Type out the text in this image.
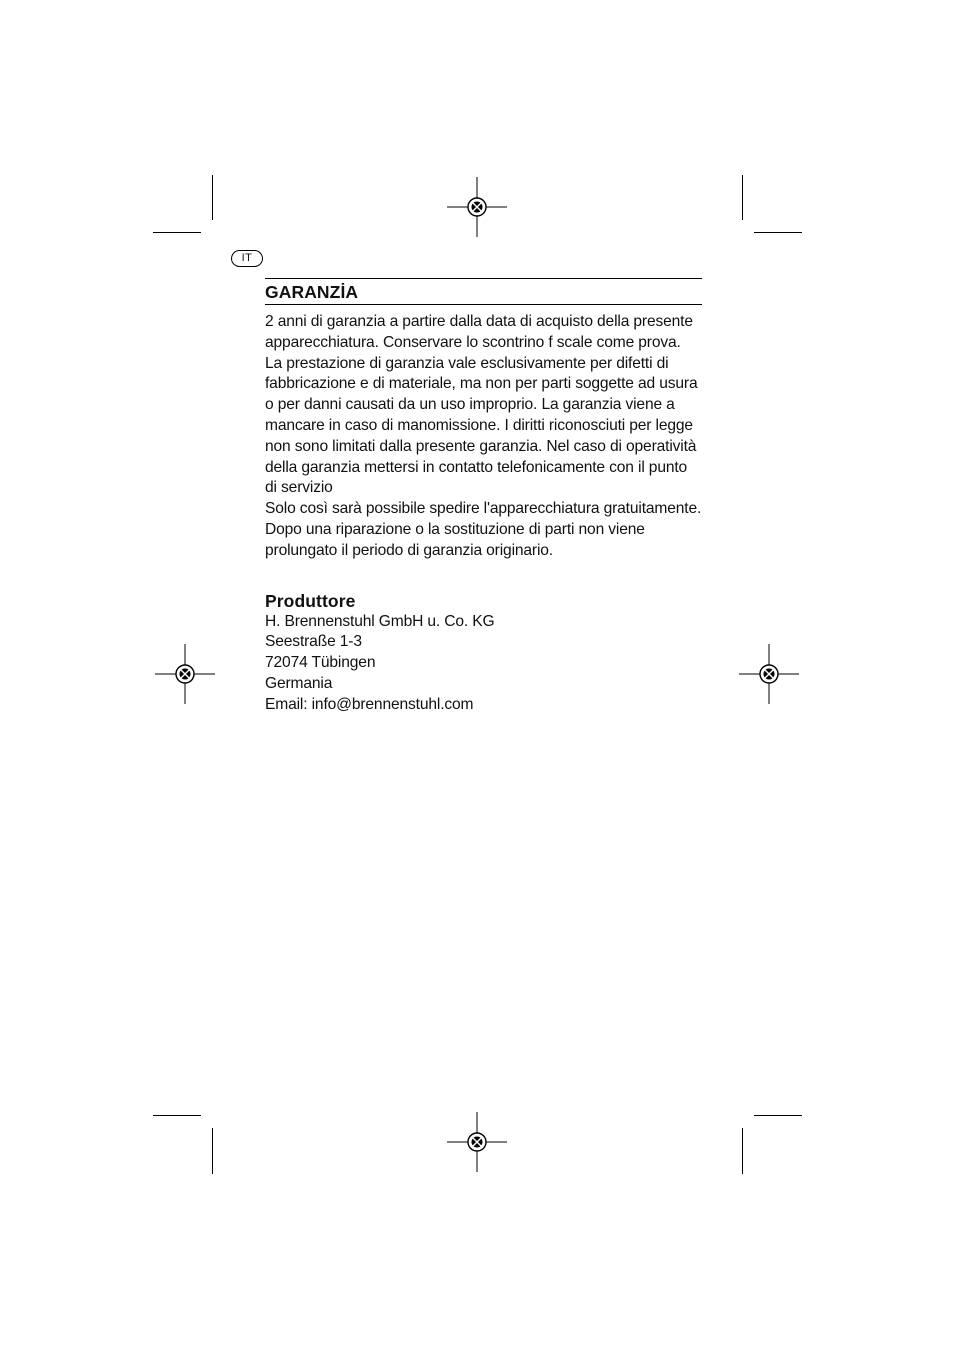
IT
GARANZİA

2 anni di garanzia a partire dalla data di acquisto della presente
apparecchiatura. Conservare lo scontrino f scale come prova.
La prestazione di garanzia vale esclusivamente per difetti di
fabbricazione e di materiale, ma non per parti soggette ad usura
o per danni causati da un uso improprio. La garanzia viene a
mancare in caso di manomissione. I diritti riconosciuti per legge
non sono limitati dalla presente garanzia. Nel caso di operatività
della garanzia mettersi in contatto telefonicamente con il punto
di servizio
Solo così sarà possibile spedire l'apparecchiatura gratuitamente.
Dopo una riparazione o la sostituzione di parti non viene
prolungato il periodo di garanzia originario.

Produttore

H. Brennenstuhl GmbH u. Co. KG
Seestraße 1-3
72074 Tübingen
Germania
Email: info@brennenstuhl.com
